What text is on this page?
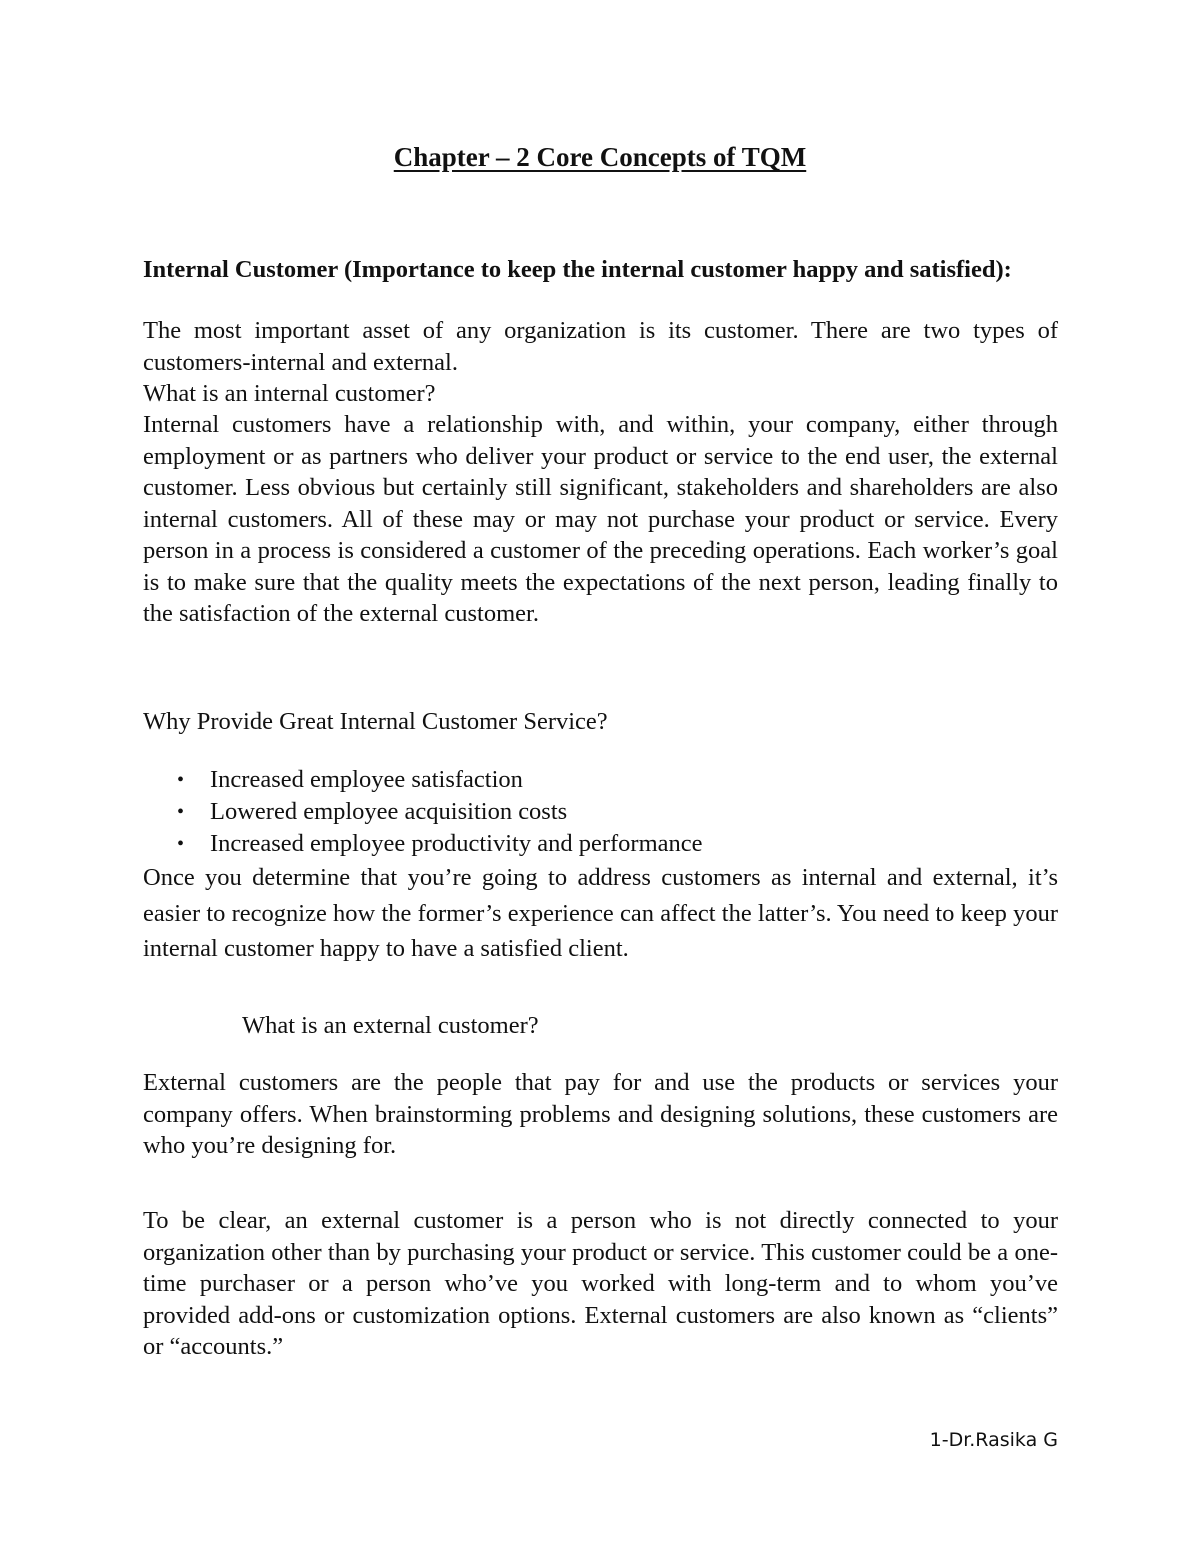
Chapter – 2 Core Concepts of TQM
Internal Customer (Importance to keep the internal customer happy and satisfied):
The most important asset of any organization is its customer. There are two types of customers-internal and external.
What is an internal customer?
Internal customers have a relationship with, and within, your company, either through employment or as partners who deliver your product or service to the end user, the external customer. Less obvious but certainly still significant, stakeholders and shareholders are also internal customers. All of these may or may not purchase your product or service. Every person in a process is considered a customer of the preceding operations. Each worker’s goal is to make sure that the quality meets the expectations of the next person, leading finally to the satisfaction of the external customer.
Why Provide Great Internal Customer Service?
• Increased employee satisfaction
• Lowered employee acquisition costs
• Increased employee productivity and performance
Once you determine that you’re going to address customers as internal and external, it’s easier to recognize how the former’s experience can affect the latter’s. You need to keep your internal customer happy to have a satisfied client.
What is an external customer?
External customers are the people that pay for and use the products or services your company offers. When brainstorming problems and designing solutions, these customers are who you’re designing for.
To be clear, an external customer is a person who is not directly connected to your organization other than by purchasing your product or service. This customer could be a one-time purchaser or a person who’ve you worked with long-term and to whom you’ve provided add-ons or customization options. External customers are also known as “clients” or “accounts.”
1-Dr.Rasika G
